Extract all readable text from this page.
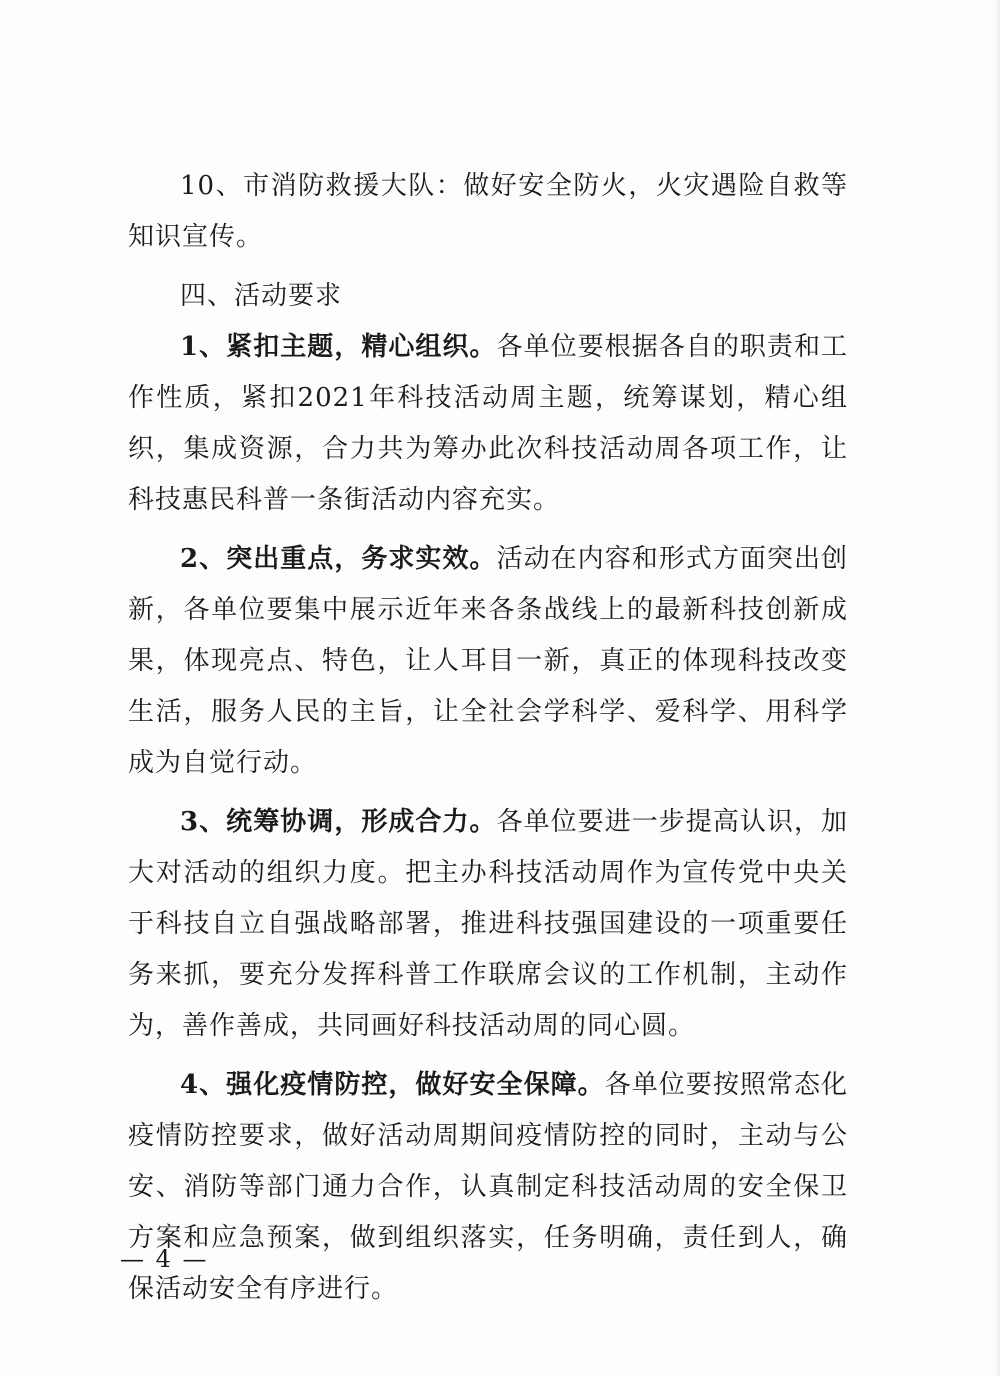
10、市消防救援大队：做好安全防火，火灾遇险自救等知识宣传。

四、活动要求

1、紧扣主题，精心组织。各单位要根据各自的职责和工作性质，紧扣2021年科技活动周主题，统筹谋划，精心组织，集成资源，合力共为筹办此次科技活动周各项工作，让科技惠民科普一条街活动内容充实。

2、突出重点，务求实效。活动在内容和形式方面突出创新，各单位要集中展示近年来各条战线上的最新科技创新成果，体现亮点、特色，让人耳目一新，真正的体现科技改变生活，服务人民的主旨，让全社会学科学、爱科学、用科学成为自觉行动。

3、统筹协调，形成合力。各单位要进一步提高认识，加大对活动的组织力度。把主办科技活动周作为宣传党中央关于科技自立自强战略部署，推进科技强国建设的一项重要任务来抓，要充分发挥科普工作联席会议的工作机制，主动作为，善作善成，共同画好科技活动周的同心圆。

4、强化疫情防控，做好安全保障。各单位要按照常态化疫情防控要求，做好活动周期间疫情防控的同时，主动与公安、消防等部门通力合作，认真制定科技活动周的安全保卫方案和应急预案，做到组织落实，任务明确，责任到人，确保活动安全有序进行。

— 4 —
